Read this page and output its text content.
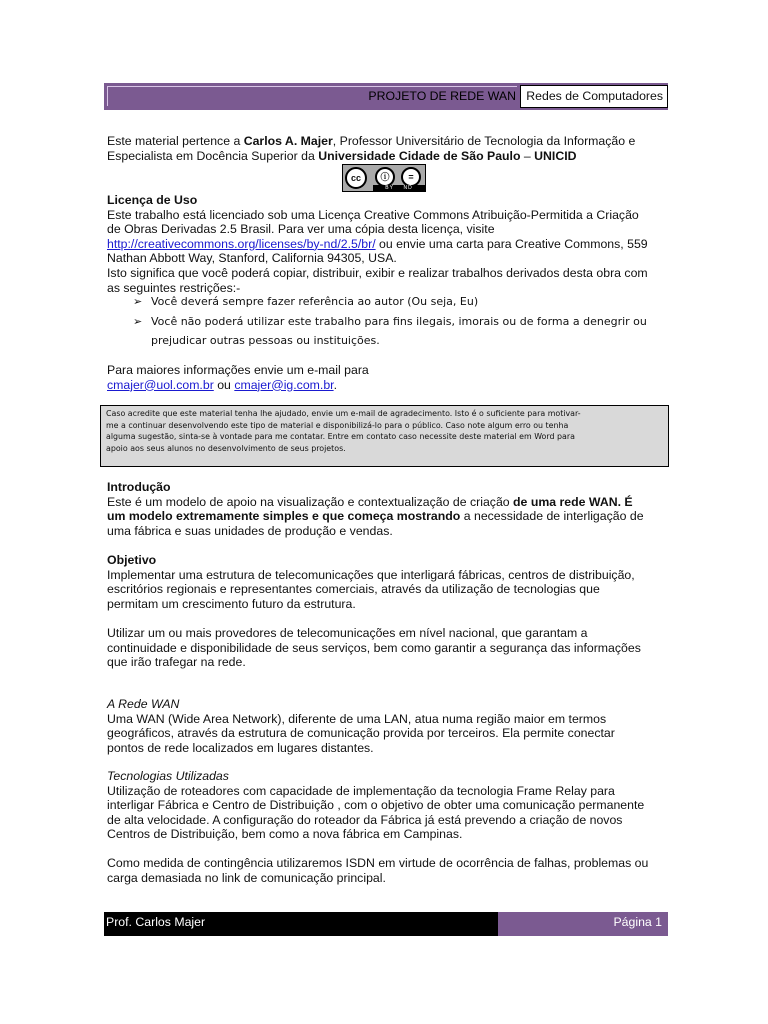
PROJETO DE REDE WAN Redes de Computadores

Este material pertence a Carlos A. Majer, Professor Universitário de Tecnologia da Informação e

Especialista em Docência Superior da Universidade Cidade de São Paulo – UNICID

cc	ⓘ	=
BY ND

Licença de Uso

Este trabalho está licenciado sob uma Licença Creative Commons Atribuição-Permitida a Criação

de Obras Derivadas 2.5 Brasil. Para ver uma cópia desta licença, visite

http://creativecommons.org/licenses/by-nd/2.5/br/ ou envie uma carta para Creative Commons, 559

Nathan Abbott Way, Stanford, California 94305, USA.

Isto significa que você poderá copiar, distribuir, exibir e realizar trabalhos derivados desta obra com

as seguintes restrições:-

➢ Você deverá sempre fazer referência ao autor (Ou seja, Eu)
➢ Você não poderá utilizar este trabalho para fins ilegais, imorais ou de forma a denegrir ou
prejudicar outras pessoas ou instituições.

Para maiores informações envie um e-mail para

cmajer@uol.com.br ou cmajer@ig.com.br.

Caso acredite que este material tenha lhe ajudado, envie um e-mail de agradecimento. Isto é o suficiente para motivar-
me a continuar desenvolvendo este tipo de material e disponibilizá-lo para o público. Caso note algum erro ou tenha
alguma sugestão, sinta-se à vontade para me contatar. Entre em contato caso necessite deste material em Word para
apoio aos seus alunos no desenvolvimento de seus projetos.

Introdução

Este é um modelo de apoio na visualização e contextualização de criação de uma rede WAN. É

um modelo extremamente simples e que começa mostrando a necessidade de interligação de

uma fábrica e suas unidades de produção e vendas.

Objetivo

Implementar uma estrutura de telecomunicações que interligará fábricas, centros de distribuição,

escritórios regionais e representantes comerciais, através da utilização de tecnologias que

permitam um crescimento futuro da estrutura.

Utilizar um ou mais provedores de telecomunicações em nível nacional, que garantam a

continuidade e disponibilidade de seus serviços, bem como garantir a segurança das informações

que irão trafegar na rede.

A Rede WAN

Uma WAN (Wide Area Network), diferente de uma LAN, atua numa região maior em termos

geográficos, através da estrutura de comunicação provida por terceiros. Ela permite conectar

pontos de rede localizados em lugares distantes.

Tecnologias Utilizadas

Utilização de roteadores com capacidade de implementação da tecnologia Frame Relay para

interligar Fábrica e Centro de Distribuição , com o objetivo de obter uma comunicação permanente

de alta velocidade. A configuração do roteador da Fábrica já está prevendo a criação de novos

Centros de Distribuição, bem como a nova fábrica em Campinas.

Como medida de contingência utilizaremos ISDN em virtude de ocorrência de falhas, problemas ou

carga demasiada no link de comunicação principal.

Prof. Carlos Majer	Página 1
